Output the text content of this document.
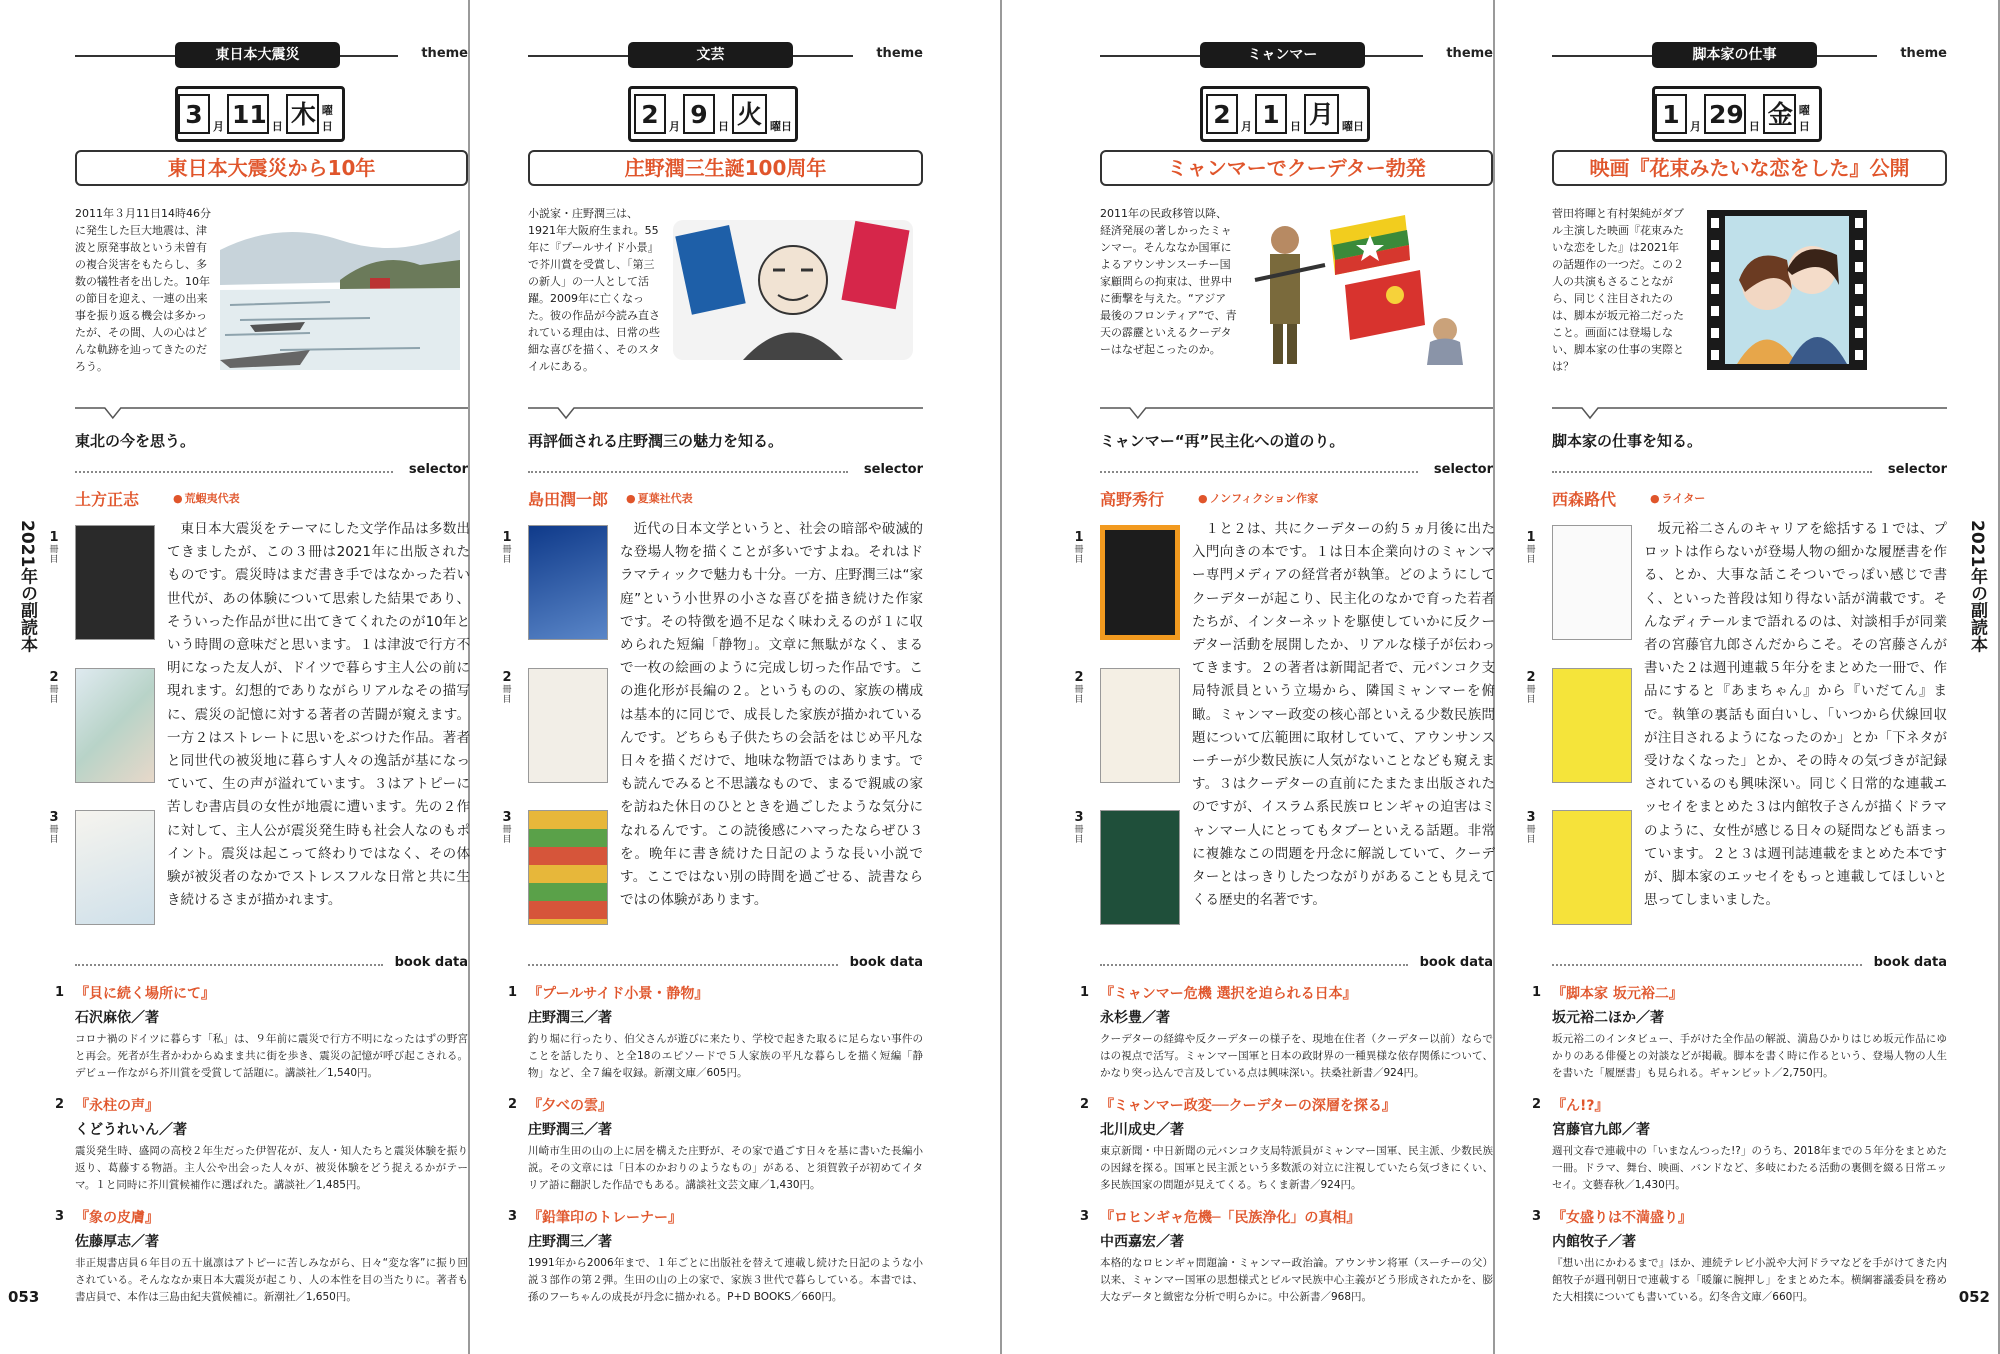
2021年の副読本
053
東日本大震災	theme
3 月 11 日 木 曜日
東日本大震災から10年
2011年３月11日14時46分に発生した巨大地震は、津波と原発事故という未曽有の複合災害をもたらし、多数の犠牲者を出した。10年の節目を迎え、一連の出来事を振り返る機会は多かったが、その間、人の心はどんな軌跡を辿ってきたのだろう。
東北の今を思う。
selector
土方正志	● 荒蝦夷代表
1
冊目
2
冊目
3
冊目
東日本大震災をテーマにした文学作品は多数出てきましたが、この３冊は2021年に出版されたものです。震災時はまだ書き手ではなかった若い世代が、あの体験について思索した結果であり、そういった作品が世に出てきてくれたのが10年という時間の意味だと思います。１は津波で行方不明になった友人が、ドイツで暮らす主人公の前に現れます。幻想的でありながらリアルなその描写に、震災の記憶に対する著者の苦闘が窺えます。一方２はストレートに思いをぶつけた作品。著者と同世代の被災地に暮らす人々の逸話が基になっていて、生の声が溢れています。３はアトピーに苦しむ書店員の女性が地震に遭います。先の２作に対して、主人公が震災発生時も社会人なのもポイント。震災は起こって終わりではなく、その体験が被災者のなかでストレスフルな日常と共に生き続けるさまが描かれます。
book data
1 『貝に続く場所にて』
石沢麻依／著
コロナ禍のドイツに暮らす「私」は、９年前に震災で行方不明になったはずの野宮と再会。死者が生者かわからぬまま共に街を歩き、震災の記憶が呼び起こされる。デビュー作ながら芥川賞を受賞して話題に。講談社／1,540円。
2 『永柱の声』
くどうれいん／著
震災発生時、盛岡の高校２年生だった伊智花が、友人・知人たちと震災体験を振り返り、葛藤する物語。主人公や出会った人々が、被災体験をどう捉えるかがテーマ。１と同時に芥川賞候補作に選ばれた。講談社／1,485円。
3 『象の皮膚』
佐藤厚志／著
非正規書店員６年目の五十嵐凛はアトピーに苦しみながら、日々“変な客”に振り回されている。そんななか東日本大震災が起こり、人の本性を目の当たりに。著者も書店員で、本作は三島由紀夫賞候補に。新潮社／1,650円。
文芸	theme
2 月 9 日 火 曜日
庄野潤三生誕100周年
小説家・庄野潤三は、1921年大阪府生まれ。55年に『プールサイド小景』で芥川賞を受賞し、「第三の新人」の一人として活躍。2009年に亡くなった。彼の作品が今読み直されている理由は、日常の些細な喜びを描く、そのスタイルにある。
再評価される庄野潤三の魅力を知る。
selector
島田潤一郎	● 夏葉社代表
1
冊目
2
冊目
3
冊目
近代の日本文学というと、社会の暗部や破滅的な登場人物を描くことが多いですよね。それはドラマティックで魅力も十分。一方、庄野潤三は“家庭”という小世界の小さな喜びを描き続けた作家です。その特徴を過不足なく味わえるのが１に収められた短編「静物」。文章に無駄がなく、まるで一枚の絵画のように完成し切った作品です。この進化形が長編の２。というものの、家族の構成は基本的に同じで、成長した家族が描かれているんです。どちらも子供たちの会話をはじめ平凡な日々を描くだけで、地味な物語ではあります。でも読んでみると不思議なもので、まるで親戚の家を訪ねた休日のひとときを過ごしたような気分になれるんです。この読後感にハマったならぜひ３を。晩年に書き続けた日記のような長い小説です。ここではない別の時間を過ごせる、読書ならではの体験があります。
book data
1 『プールサイド小景・静物』
庄野潤三／著
釣り堀に行ったり、伯父さんが遊びに来たり、学校で起きた取るに足らない事件のことを話したり、と全18のエピソードで５人家族の平凡な暮らしを描く短編「静物」など、全７編を収録。新潮文庫／605円。
2 『夕べの雲』
庄野潤三／著
川崎市生田の山の上に居を構えた庄野が、その家で過ごす日々を基に書いた長編小説。その文章には「日本のかおりのようなもの」がある、と須賀敦子が初めてイタリア語に翻訳した作品でもある。講談社文芸文庫／1,430円。
3 『鉛筆印のトレーナー』
庄野潤三／著
1991年から2006年まで、１年ごとに出版社を替えて連載し続けた日記のような小説３部作の第２弾。生田の山の上の家で、家族３世代で暮らしている。本書では、孫のフーちゃんの成長が丹念に描かれる。P+D BOOKS／660円。
2021年の副読本
052
ミャンマー	theme
2 月 1 日 月 曜日
ミャンマーでクーデター勃発
2011年の民政移管以降、経済発展の著しかったミャンマー。そんななか国軍によるアウンサンスーチー国家顧問らの拘束は、世界中に衝撃を与えた。“アジア最後のフロンティア”で、青天の霹靂といえるクーデターはなぜ起こったのか。
ミャンマー“再”民主化への道のり。
selector
高野秀行	● ノンフィクション作家
1
冊目
2
冊目
3
冊目
１と２は、共にクーデターの約５ヵ月後に出た入門向きの本です。１は日本企業向けのミャンマー専門メディアの経営者が執筆。どのようにしてクーデターが起こり、民主化のなかで育った若者たちが、インターネットを駆使していかに反クーデター活動を展開したか、リアルな様子が伝わってきます。２の著者は新聞記者で、元バンコク支局特派員という立場から、隣国ミャンマーを俯瞰。ミャンマー政変の核心部といえる少数民族問題について広範囲に取材していて、アウンサンスーチーが少数民族に人気がないことなども窺えます。３はクーデターの直前にたまたま出版されたのですが、イスラム系民族ロヒンギャの迫害はミャンマー人にとってもタブーといえる話題。非常に複雑なこの問題を丹念に解説していて、クーデターとはっきりしたつながりがあることも見えてくる歴史的名著です。
book data
1 『ミャンマー危機 選択を迫られる日本』
永杉豊／著
クーデターの経緯や反クーデターの様子を、現地在住者（クーデター以前）ならではの視点で活写。ミャンマー国軍と日本の政財界の一種異様な依存関係について、かなり突っ込んで言及している点は興味深い。扶桑社新書／924円。
2 『ミャンマー政変──クーデターの深層を探る』
北川成史／著
東京新聞・中日新聞の元バンコク支局特派員がミャンマー国軍、民主派、少数民族の因縁を探る。国軍と民主派という多数派の対立に注視していたら気づきにくい、多民族国家の問題が見えてくる。ちくま新書／924円。
3 『ロヒンギャ危機─「民族浄化」の真相』
中西嘉宏／著
本格的なロヒンギャ問題論・ミャンマー政治論。アウンサン将軍（スーチーの父）以来、ミャンマー国軍の思想様式とビルマ民族中心主義がどう形成されたかを、膨大なデータと緻密な分析で明らかに。中公新書／968円。
脚本家の仕事	theme
1 月 29 日 金 曜日
映画『花束みたいな恋をした』公開
菅田将暉と有村架純がダブル主演した映画『花束みたいな恋をした』は2021年の話題作の一つだ。この２人の共演もさることながら、同じく注目されたのは、脚本が坂元裕二だったこと。画面には登場しない、脚本家の仕事の実際とは？
脚本家の仕事を知る。
selector
西森路代	● ライター
1
冊目
2
冊目
3
冊目
坂元裕二さんのキャリアを総括する１では、プロットは作らないが登場人物の細かな履歴書を作る、とか、大事な話こそついでっぽい感じで書く、といった普段は知り得ない話が満載です。そんなディテールまで語れるのは、対談相手が同業者の宮藤官九郎さんだからこそ。その宮藤さんが書いた２は週刊連載５年分をまとめた一冊で、作品にすると『あまちゃん』から『いだてん』まで。執筆の裏話も面白いし、「いつから伏線回収が注目されるようになったのか」とか「下ネタが受けなくなった」とか、その時々の気づきが記録されているのも興味深い。同じく日常的な連載エッセイをまとめた３は内館牧子さんが描くドラマのように、女性が感じる日々の疑問なども語まっています。２と３は週刊誌連載をまとめた本ですが、脚本家のエッセイをもっと連載してほしいと思ってしまいました。
book data
1 『脚本家 坂元裕二』
坂元裕二ほか／著
坂元裕二のインタビュー、手がけた全作品の解説、満島ひかりはじめ坂元作品にゆかりのある俳優との対談などが掲載。脚本を書く時に作るという、登場人物の人生を書いた「履歴書」も見られる。ギャンビット／2,750円。
2 『ん!?』
宮藤官九郎／著
週刊文春で連載中の「いまなんつった!?」のうち、2018年までの５年分をまとめた一冊。ドラマ、舞台、映画、バンドなど、多岐にわたる活動の裏側を綴る日常エッセイ。文藝春秋／1,430円。
3 『女盛りは不満盛り』
内館牧子／著
『想い出にかわるまで』ほか、連続テレビ小説や大河ドラマなどを手がけてきた内館牧子が週刊朝日で連載する「暖簾に腕押し」をまとめた本。横綱審議委員を務めた大相撲についても書いている。幻冬舎文庫／660円。
